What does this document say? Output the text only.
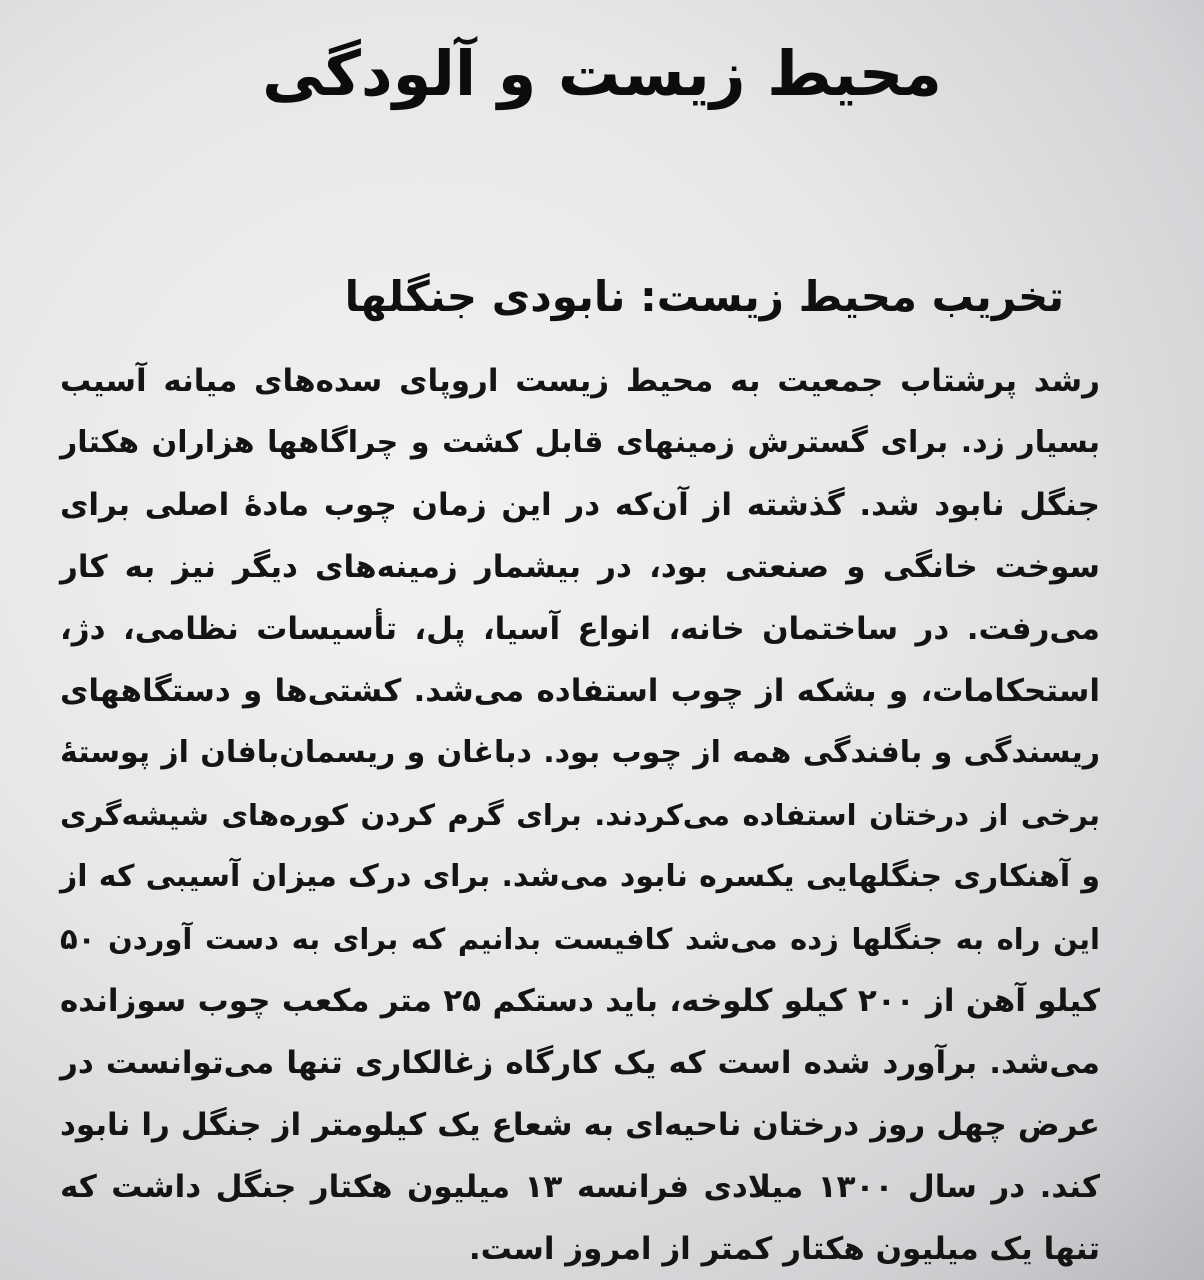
محیط زیست و آلودگی
تخریب محیط زیست: نابودی جنگلها
رشد پرشتاب جمعیت به محیط زیست اروپای سده‌های میانه آسیب
بسیار زد. برای گسترش زمینهای قابل کشت و چراگاهها هزاران هکتار
جنگل نابود شد. گذشته از آن‌که در این زمان چوب مادهٔ اصلی برای
سوخت خانگی و صنعتی بود، در بیشمار زمینه‌های دیگر نیز به کار
می‌رفت. در ساختمان خانه، انواع آسیا، پل، تأسیسات نظامی، دژ،
استحکامات، و بشکه از چوب استفاده می‌شد. کشتی‌ها و دستگاههای
ریسندگی و بافندگی همه از چوب بود. دباغان و ریسمان‌بافان از پوستهٔ
برخی از درختان استفاده می‌کردند. برای گرم کردن کوره‌های شیشه‌گری
و آهنکاری جنگلهایی یکسره نابود می‌شد. برای درک میزان آسیبی که از
این راه به جنگلها زده می‌شد کافیست بدانیم که برای به دست آوردن ۵۰
کیلو آهن از ۲۰۰ کیلو کلوخه، باید دستکم ۲۵ متر مکعب چوب سوزانده
می‌شد. برآورد شده است که یک کارگاه زغالکاری تنها می‌توانست در
عرض چهل روز درختان ناحیه‌ای به شعاع یک کیلومتر از جنگل را نابود
کند. در سال ۱۳۰۰ میلادی فرانسه ۱۳ میلیون هکتار جنگل داشت که
تنها یک میلیون هکتار کمتر از امروز است.
